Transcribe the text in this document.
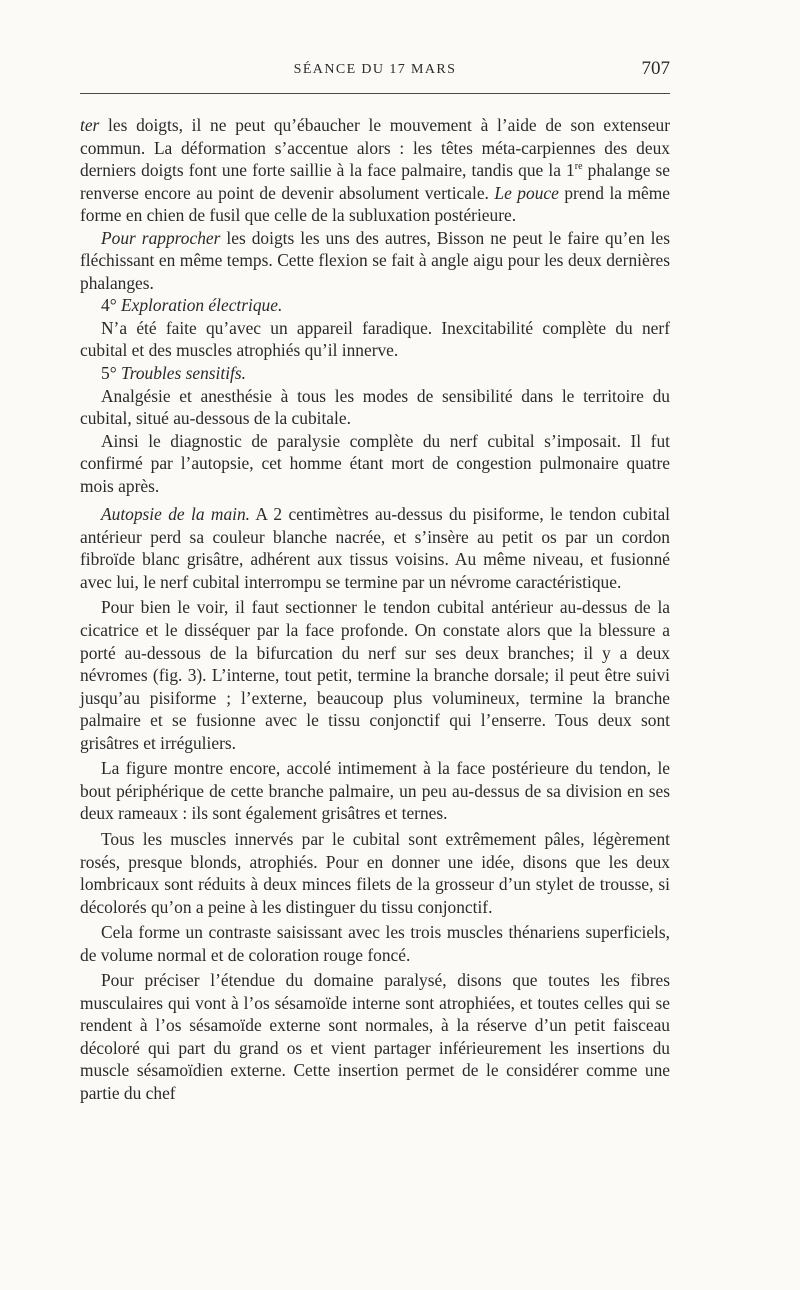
SÉANCE DU 17 MARS	707

ter les doigts, il ne peut qu’ébaucher le mouvement à l’aide de son extenseur commun. La déformation s’accentue alors : les têtes méta-carpiennes des deux derniers doigts font une forte saillie à la face palmaire, tandis que la 1re phalange se renverse encore au point de devenir absolument verticale. Le pouce prend la même forme en chien de fusil que celle de la subluxation postérieure.

Pour rapprocher les doigts les uns des autres, Bisson ne peut le faire qu’en les fléchissant en même temps. Cette flexion se fait à angle aigu pour les deux dernières phalanges.

4° Exploration électrique.

N’a été faite qu’avec un appareil faradique. Inexcitabilité complète du nerf cubital et des muscles atrophiés qu’il innerve.

5° Troubles sensitifs.

Analgésie et anesthésie à tous les modes de sensibilité dans le territoire du cubital, situé au-dessous de la cubitale.

Ainsi le diagnostic de paralysie complète du nerf cubital s’imposait. Il fut confirmé par l’autopsie, cet homme étant mort de congestion pulmonaire quatre mois après.

Autopsie de la main. A 2 centimètres au-dessus du pisiforme, le tendon cubital antérieur perd sa couleur blanche nacrée, et s’insère au petit os par un cordon fibroïde blanc grisâtre, adhérent aux tissus voisins. Au même niveau, et fusionné avec lui, le nerf cubital interrompu se termine par un névrome caractéristique.

Pour bien le voir, il faut sectionner le tendon cubital antérieur au-dessus de la cicatrice et le disséquer par la face profonde. On constate alors que la blessure a porté au-dessous de la bifurcation du nerf sur ses deux branches; il y a deux névromes (fig. 3). L’interne, tout petit, termine la branche dorsale; il peut être suivi jusqu’au pisiforme ; l’externe, beaucoup plus volumineux, termine la branche palmaire et se fusionne avec le tissu conjonctif qui l’enserre. Tous deux sont grisâtres et irréguliers.

La figure montre encore, accolé intimement à la face postérieure du tendon, le bout périphérique de cette branche palmaire, un peu au-dessus de sa division en ses deux rameaux : ils sont également grisâtres et ternes.

Tous les muscles innervés par le cubital sont extrêmement pâles, légèrement rosés, presque blonds, atrophiés. Pour en donner une idée, disons que les deux lombricaux sont réduits à deux minces filets de la grosseur d’un stylet de trousse, si décolorés qu’on a peine à les distinguer du tissu conjonctif.

Cela forme un contraste saisissant avec les trois muscles thénariens superficiels, de volume normal et de coloration rouge foncé.

Pour préciser l’étendue du domaine paralysé, disons que toutes les fibres musculaires qui vont à l’os sésamoïde interne sont atrophiées, et toutes celles qui se rendent à l’os sésamoïde externe sont normales, à la réserve d’un petit faisceau décoloré qui part du grand os et vient partager inférieurement les insertions du muscle sésamoïdien externe. Cette insertion permet de le considérer comme une partie du chef
